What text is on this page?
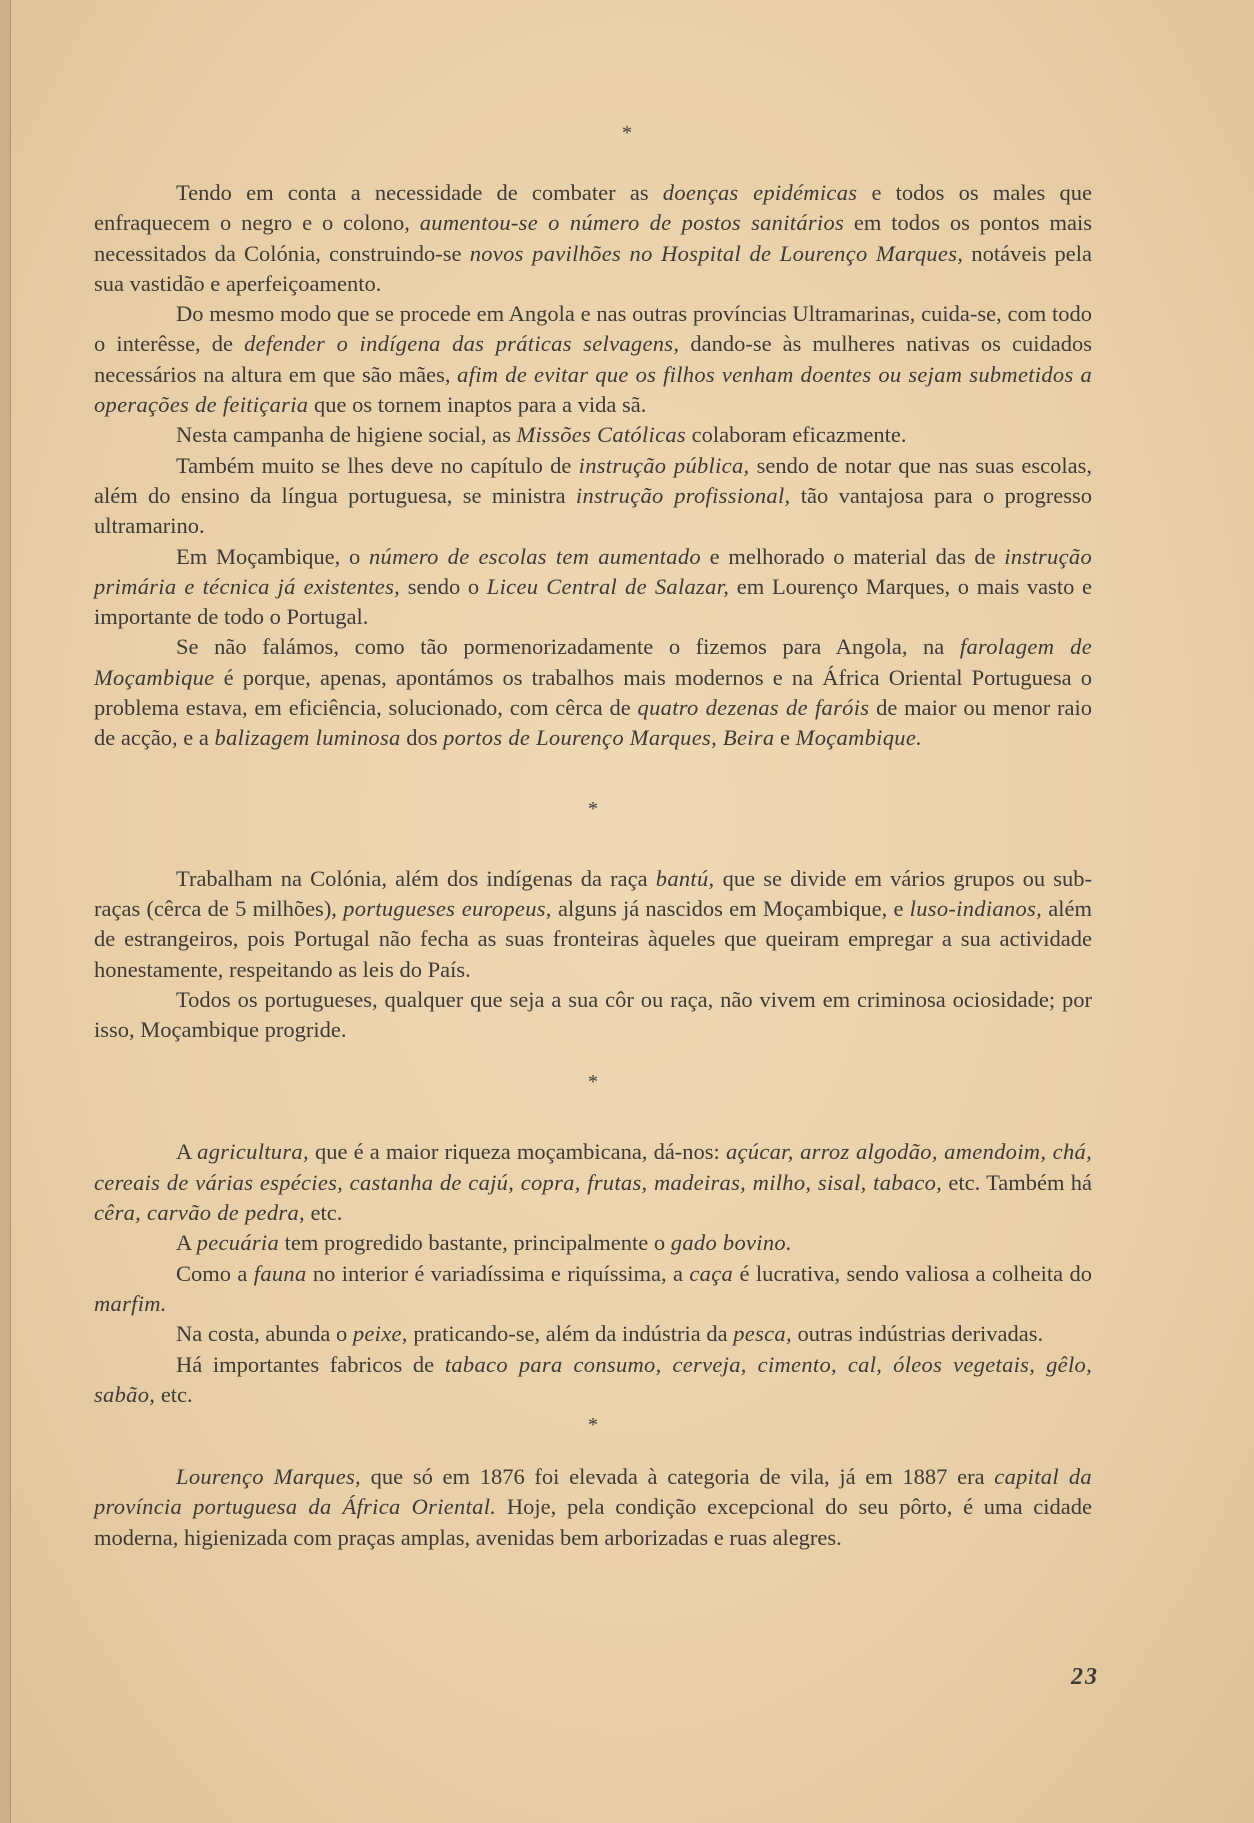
*

Tendo em conta a necessidade de combater as doenças epidémicas e todos os males que enfraquecem o negro e o colono, aumentou-se o número de postos sanitários em todos os pontos mais necessitados da Colónia, construindo-se novos pavilhões no Hospital de Lourenço Marques, notáveis pela sua vastidão e aperfeiçoamento.

Do mesmo modo que se procede em Angola e nas outras províncias Ultramarinas, cuida-se, com todo o interêsse, de defender o indígena das práticas selvagens, dando-se às mulheres nativas os cuidados necessários na altura em que são mães, afim de evitar que os filhos venham doentes ou sejam submetidos a operações de feitiçaria que os tornem inaptos para a vida sã.

Nesta campanha de higiene social, as Missões Católicas colaboram eficazmente.

Também muito se lhes deve no capítulo de instrução pública, sendo de notar que nas suas escolas, além do ensino da língua portuguesa, se ministra instrução profissional, tão vantajosa para o progresso ultramarino.

Em Moçambique, o número de escolas tem aumentado e melhorado o material das de instrução primária e técnica já existentes, sendo o Liceu Central de Salazar, em Lourenço Marques, o mais vasto e importante de todo o Portugal.

Se não falámos, como tão pormenorizadamente o fizemos para Angola, na farolagem de Moçambique é porque, apenas, apontámos os trabalhos mais modernos e na África Oriental Portuguesa o problema estava, em eficiência, solucionado, com cêrca de quatro dezenas de faróis de maior ou menor raio de acção, e a balizagem luminosa dos portos de Lourenço Marques, Beira e Moçambique.

*

Trabalham na Colónia, além dos indígenas da raça bantú, que se divide em vários grupos ou sub-raças (cêrca de 5 milhões), portugueses europeus, alguns já nascidos em Moçambique, e luso-indianos, além de estrangeiros, pois Portugal não fecha as suas fronteiras àqueles que queiram empregar a sua actividade honestamente, respeitando as leis do País.

Todos os portugueses, qualquer que seja a sua côr ou raça, não vivem em criminosa ociosidade; por isso, Moçambique progride.

*

A agricultura, que é a maior riqueza moçambicana, dá-nos: açúcar, arroz algodão, amendoim, chá, cereais de várias espécies, castanha de cajú, copra, frutas, madeiras, milho, sisal, tabaco, etc. Também há cêra, carvão de pedra, etc.

A pecuária tem progredido bastante, principalmente o gado bovino.

Como a fauna no interior é variadíssima e riquíssima, a caça é lucrativa, sendo valiosa a colheita do marfim.

Na costa, abunda o peixe, praticando-se, além da indústria da pesca, outras indústrias derivadas.

Há importantes fabricos de tabaco para consumo, cerveja, cimento, cal, óleos vegetais, gêlo, sabão, etc.

*

Lourenço Marques, que só em 1876 foi elevada à categoria de vila, já em 1887 era capital da província portuguesa da África Oriental. Hoje, pela condição excepcional do seu pôrto, é uma cidade moderna, higienizada com praças amplas, avenidas bem arborizadas e ruas alegres.

23
